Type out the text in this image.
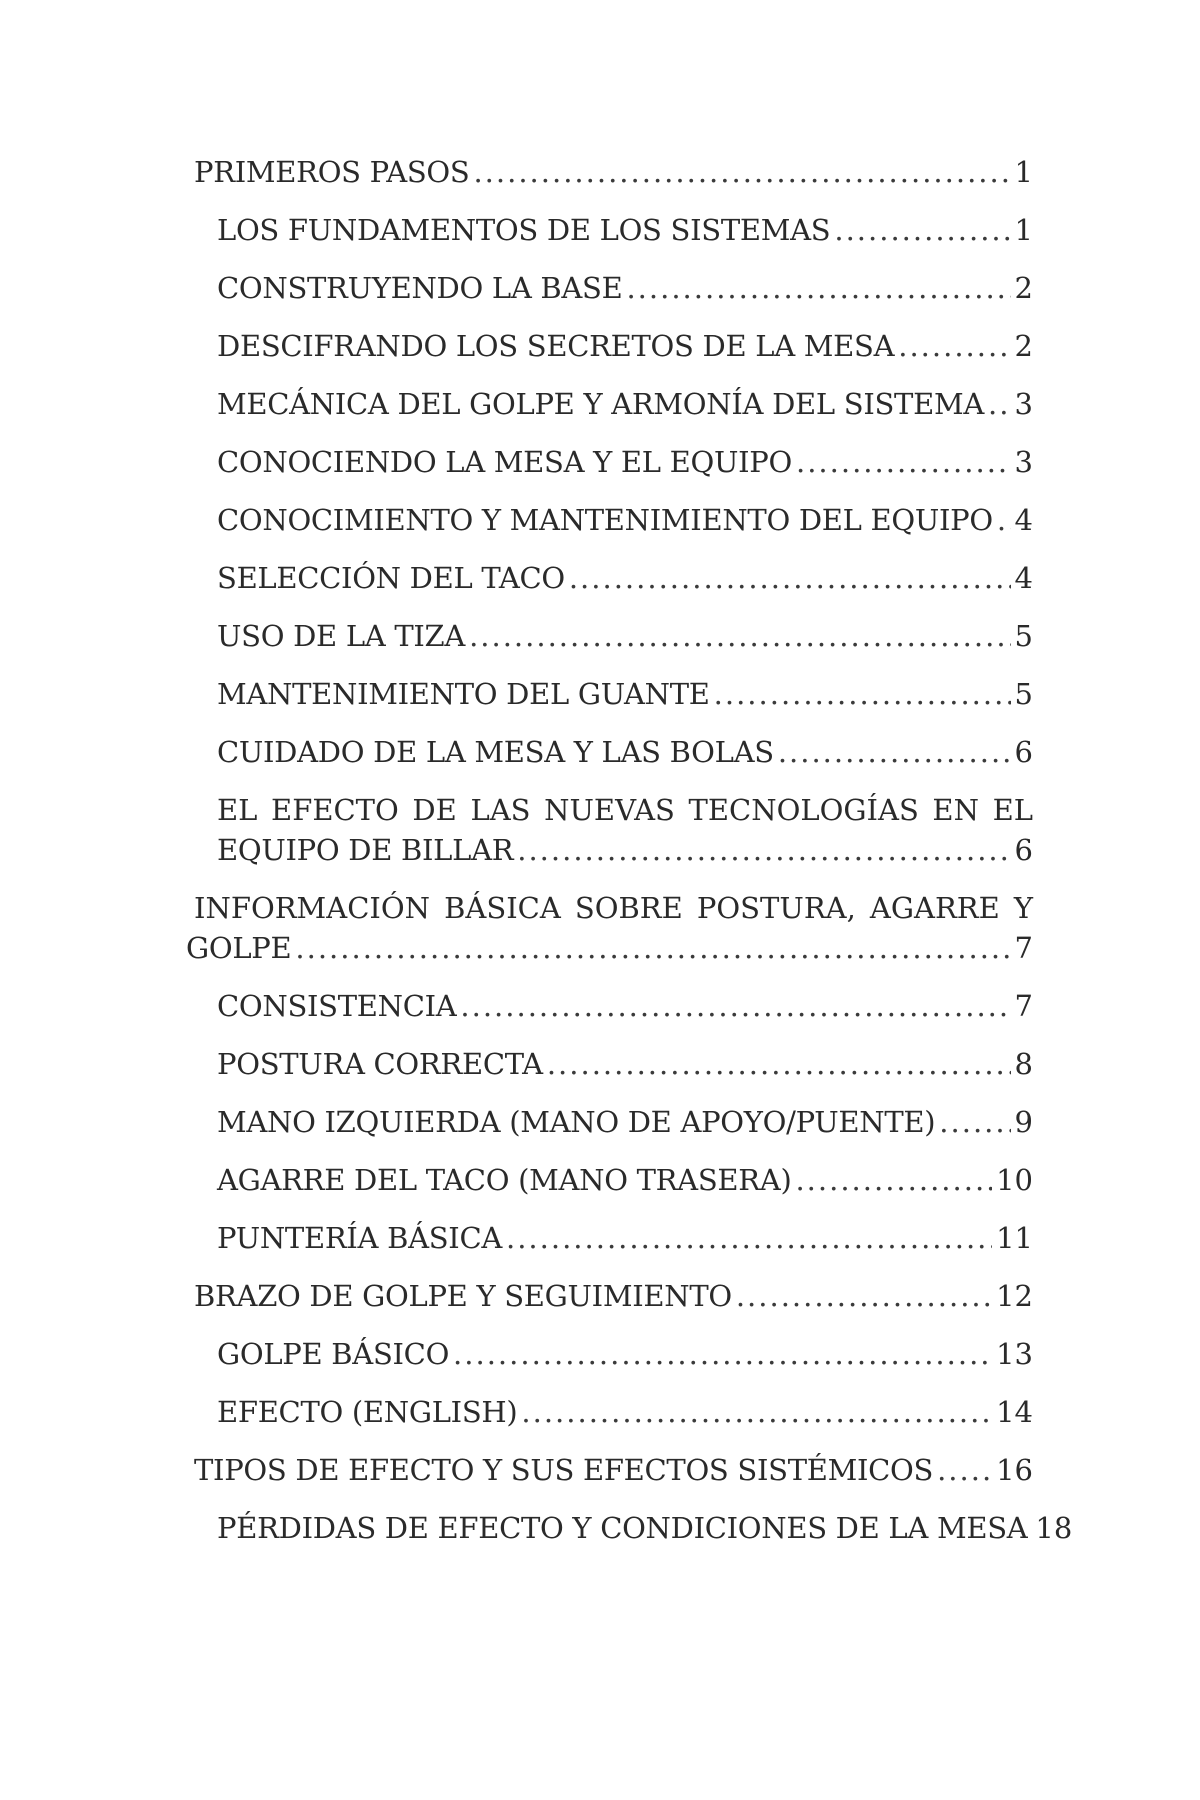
PRIMEROS PASOS .....	1
LOS FUNDAMENTOS DE LOS SISTEMAS .....	1
CONSTRUYENDO LA BASE .....	2
DESCIFRANDO LOS SECRETOS DE LA MESA .....	2
MECÁNICA DEL GOLPE Y ARMONÍA DEL SISTEMA ..... 3
CONOCIENDO LA MESA Y EL EQUIPO .....	3
CONOCIMIENTO Y MANTENIMIENTO DEL EQUIPO ..... 4
SELECCIÓN DEL TACO .....	4
USO DE LA TIZA .....	5
MANTENIMIENTO DEL GUANTE .....	5
CUIDADO DE LA MESA Y LAS BOLAS .....	6
EL EFECTO DE LAS NUEVAS TECNOLOGÍAS EN EL
EQUIPO DE BILLAR .....	6
INFORMACIÓN BÁSICA SOBRE POSTURA, AGARRE Y
GOLPE .....	7
CONSISTENCIA .....	7
POSTURA CORRECTA .....	8
MANO IZQUIERDA (MANO DE APOYO/PUENTE) .....	9
AGARRE DEL TACO (MANO TRASERA) .....	10
PUNTERÍA BÁSICA .....	11
BRAZO DE GOLPE Y SEGUIMIENTO .....	12
GOLPE BÁSICO .....	13
EFECTO (ENGLISH) .....	14
TIPOS DE EFECTO Y SUS EFECTOS SISTÉMICOS ..... 16
PÉRDIDAS DE EFECTO Y CONDICIONES DE LA MESA 18
